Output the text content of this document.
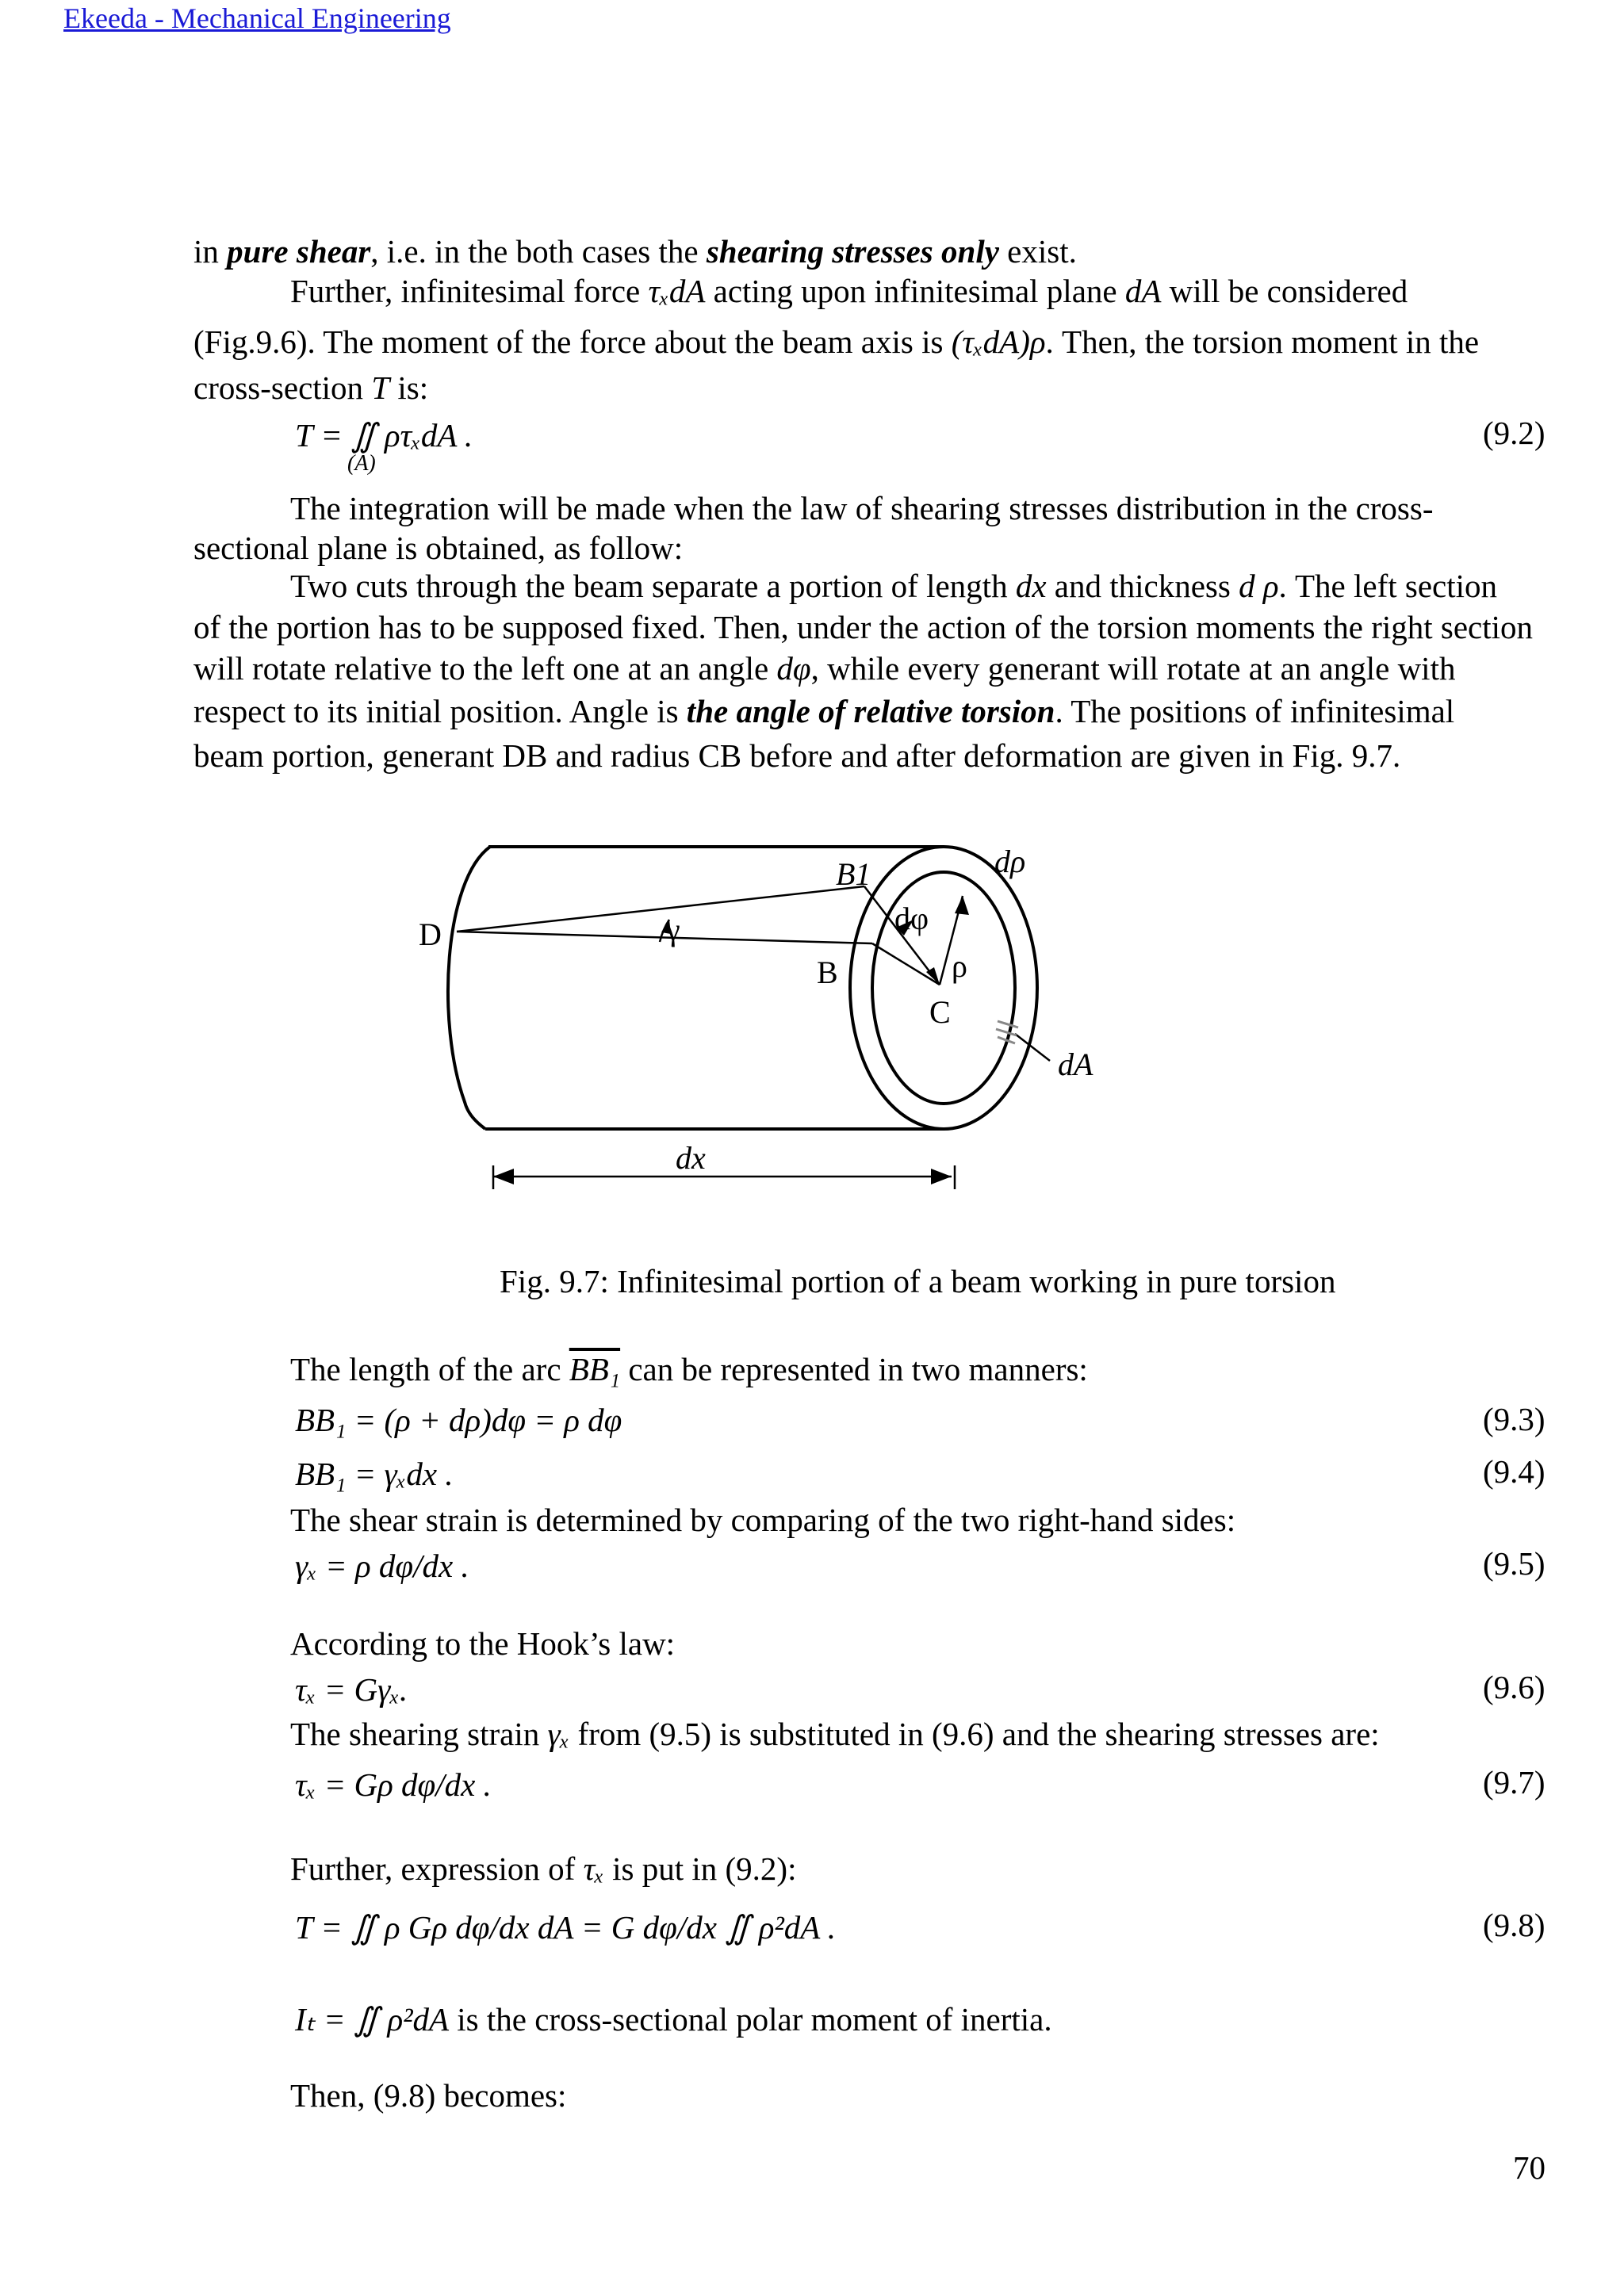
Ekeeda - Mechanical Engineering
in pure shear, i.e. in the both cases the shearing stresses only exist.
Further, infinitesimal force τₓdA acting upon infinitesimal plane dA will be considered
(Fig.9.6). The moment of the force about the beam axis is (τₓdA)ρ. Then, the torsion moment in the
cross-section T is:
T = ∬ ρτₓdA .
(A)
(9.2)
The integration will be made when the law of shearing stresses distribution in the cross-
sectional plane is obtained, as follow:
Two cuts through the beam separate a portion of length dx and thickness d ρ. The left section
of the portion has to be supposed fixed. Then, under the action of the torsion moments the right section
will rotate relative to the left one at an angle dφ, while every generant will rotate at an angle with
respect to its initial position. Angle is the angle of relative torsion. The positions of infinitesimal
beam portion, generant DB and radius CB before and after deformation are given in Fig. 9.7.
B1	dρ
dφ
D	γ
B	ρ
C
dA
dx
Fig. 9.7: Infinitesimal portion of a beam working in pure torsion
The length of the arc BB₁ can be represented in two manners:
BB₁ = (ρ + dρ)dφ = ρ dφ	(9.3)
BB₁ = γₓdx .	(9.4)
The shear strain is determined by comparing of the two right-hand sides:
γₓ = ρ dφ/dx .	(9.5)
According to the Hook’s law:
τₓ = Gγₓ.	(9.6)
The shearing strain γₓ from (9.5) is substituted in (9.6) and the shearing stresses are:
τₓ = Gρ dφ/dx .	(9.7)
Further, expression of τₓ is put in (9.2):
T = ∬ ρ Gρ dφ/dx dA = G dφ/dx ∬ ρ²dA .	(9.8)
Iₜ = ∬ ρ²dA is the cross-sectional polar moment of inertia.
Then, (9.8) becomes:
70
